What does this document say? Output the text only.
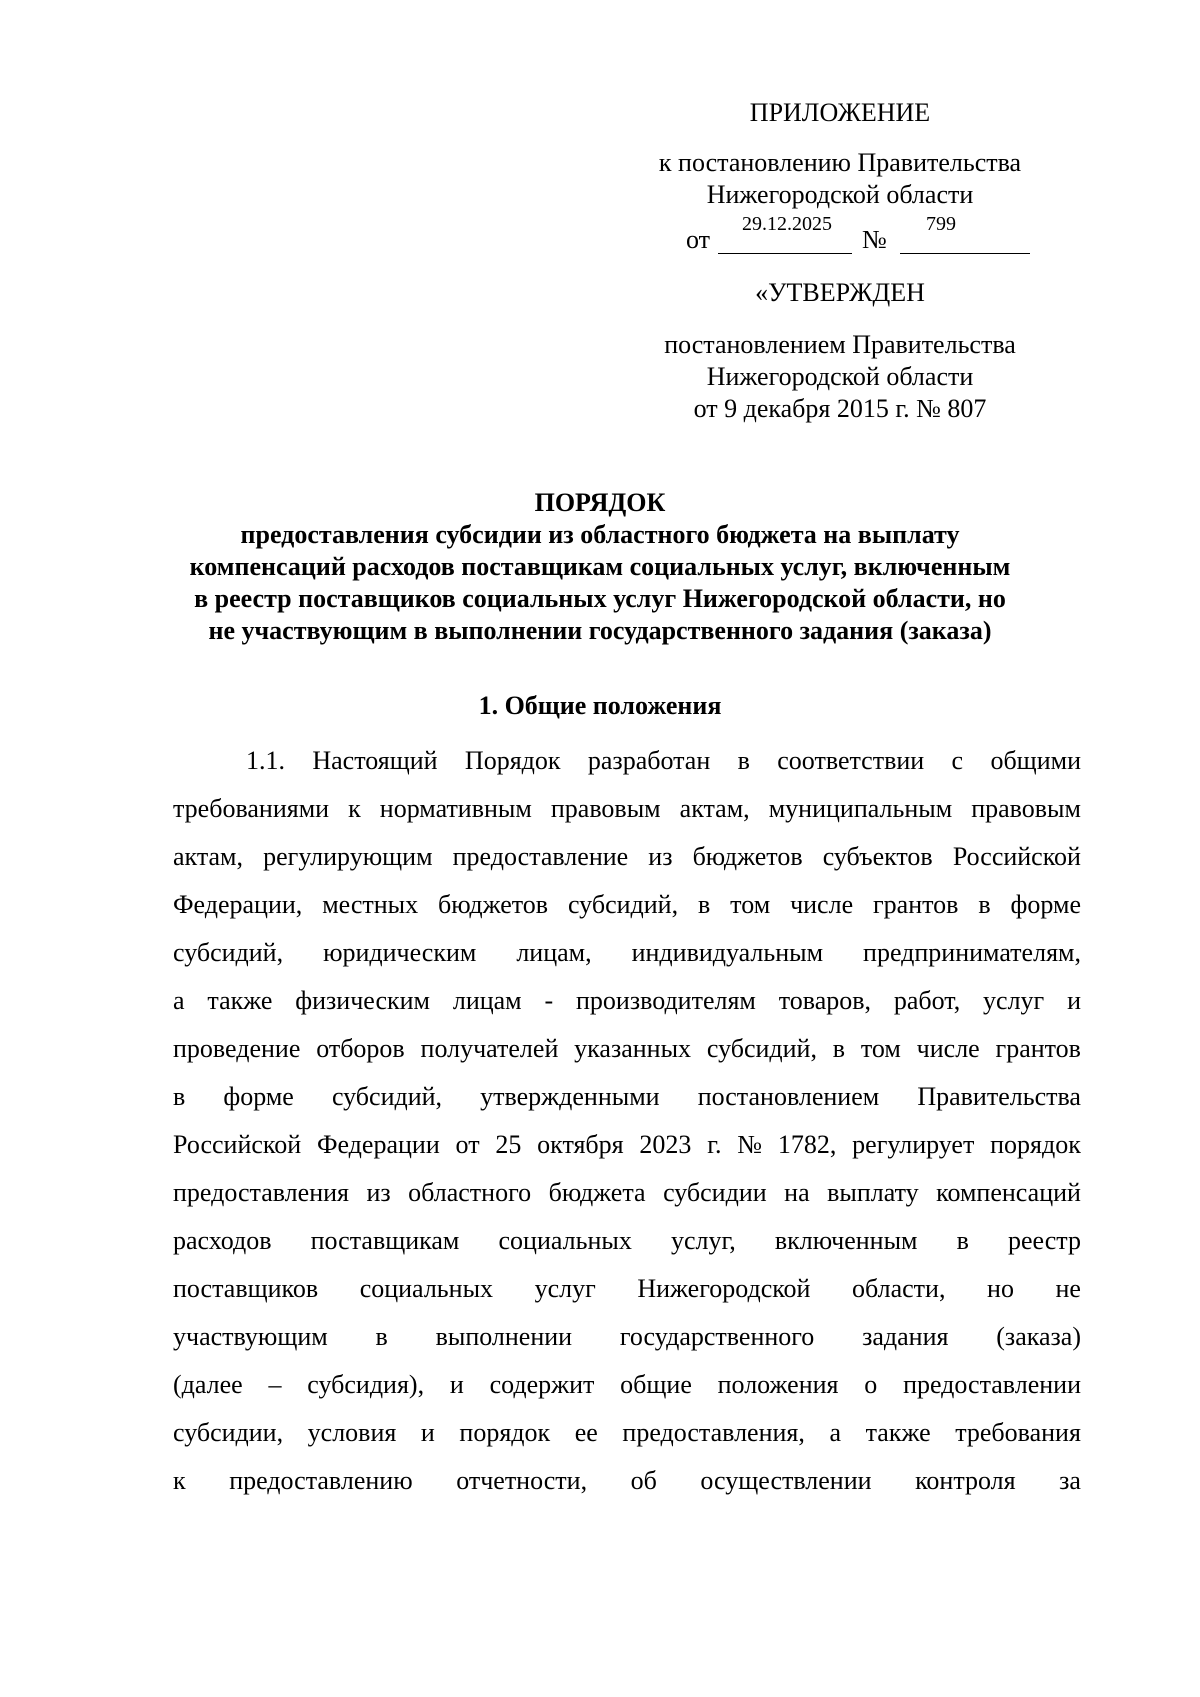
ПРИЛОЖЕНИЕ
к постановлению Правительства
Нижегородской области
от
29.12.2025
№
799
«УТВЕРЖДЕН
постановлением Правительства
Нижегородской области
от 9 декабря 2015 г. № 807
ПОРЯДОК
предоставления субсидии из областного бюджета на выплату
компенсаций расходов поставщикам социальных услуг, включенным
в реестр поставщиков социальных услуг Нижегородской области, но
не участвующим в выполнении государственного задания (заказа)
1. Общие положения
1.1. Настоящий Порядок разработан в соответствии с общими
требованиями к нормативным правовым актам, муниципальным правовым
актам, регулирующим предоставление из бюджетов субъектов Российской
Федерации, местных бюджетов субсидий, в том числе грантов в форме
субсидий, юридическим лицам, индивидуальным предпринимателям,
а также физическим лицам - производителям товаров, работ, услуг и
проведение отборов получателей указанных субсидий, в том числе грантов
в форме субсидий, утвержденными постановлением Правительства
Российской Федерации от 25 октября 2023 г. № 1782, регулирует порядок
предоставления из областного бюджета субсидии на выплату компенсаций
расходов поставщикам социальных услуг, включенным в реестр
поставщиков социальных услуг Нижегородской области, но не
участвующим в выполнении государственного задания (заказа)
(далее – субсидия), и содержит общие положения о предоставлении
субсидии, условия и порядок ее предоставления, а также требования
к предоставлению отчетности, об осуществлении контроля за
